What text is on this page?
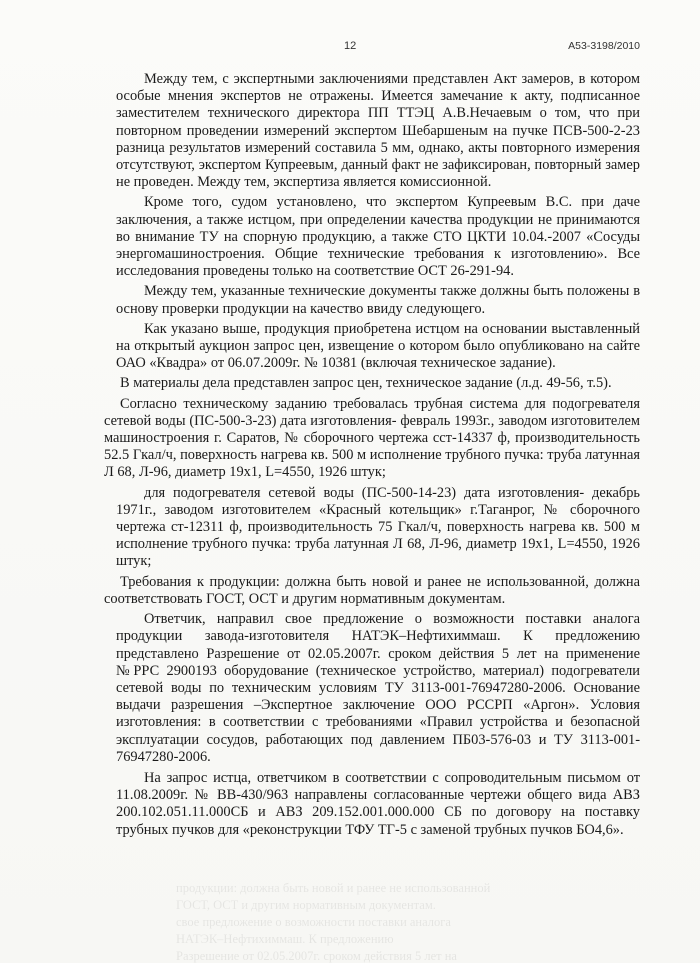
12	А53-3198/2010
продукции: должна быть новой и ранее не использованной
ГОСТ, ОСТ и другим нормативным документам.
свое предложение о возможности поставки аналога
НАТЭК–Нефтихиммаш. К предложению
Разрешение от 02.05.2007г. сроком действия 5 лет на

Между тем, с экспертными заключениями представлен Акт замеров, в котором особые мнения экспертов не отражены. Имеется замечание к акту, подписанное заместителем технического директора ПП ТТЭЦ А.В.Нечаевым о том, что при повторном проведении измерений экспертом Шебаршеным на пучке ПСВ-500-2-23 разница результатов измерений составила 5 мм, однако, акты повторного измерения отсутствуют, экспертом Купреевым, данный факт не зафиксирован, повторный замер не проведен. Между тем, экспертиза является комиссионной.

Кроме того, судом установлено, что экспертом Купреевым В.С. при даче заключения, а также истцом, при определении качества продукции не принимаются во внимание ТУ на спорную продукцию, а также СТО ЦКТИ 10.04.-2007 «Сосуды энергомашиностроения. Общие технические требования к изготовлению». Все исследования проведены только на соответствие ОСТ 26-291-94.

Между тем, указанные технические документы также должны быть положены в основу проверки продукции на качество ввиду следующего.

Как указано выше, продукция приобретена истцом на основании выставленный на открытый аукцион запрос цен, извещение о котором было опубликовано на сайте ОАО «Квадра» от 06.07.2009г. № 10381 (включая техническое задание).

В материалы дела представлен запрос цен, техническое задание (л.д. 49-56, т.5).

Согласно техническому заданию требовалась трубная система для подогревателя сетевой воды (ПС-500-3-23) дата изготовления- февраль 1993г., заводом изготовителем машиностроения г. Саратов, № сборочного чертежа сст-14337 ф, производительность 52.5 Гкал/ч, поверхность нагрева кв. 500 м исполнение трубного пучка: труба латунная Л 68, Л-96, диаметр 19х1, L=4550, 1926 штук;

для подогревателя сетевой воды (ПС-500-14-23) дата изготовления- декабрь 1971г., заводом изготовителем «Красный котельщик» г.Таганрог, № сборочного чертежа ст-12311 ф, производительность 75 Гкал/ч, поверхность нагрева кв. 500 м исполнение трубного пучка: труба латунная Л 68, Л-96, диаметр 19х1, L=4550, 1926 штук;

Требования к продукции: должна быть новой и ранее не использованной, должна соответствовать ГОСТ, ОСТ и другим нормативным документам.

Ответчик, направил свое предложение о возможности поставки аналога продукции завода-изготовителя НАТЭК–Нефтихиммаш. К предложению представлено Разрешение от 02.05.2007г. сроком действия 5 лет на применение №РРС 2900193 оборудование (техническое устройство, материал) подогреватели сетевой воды по техническим условиям ТУ 3113-001-76947280-2006. Основание выдачи разрешения –Экспертное заключение ООО РССРП «Аргон». Условия изготовления: в соответствии с требованиями «Правил устройства и безопасной эксплуатации сосудов, работающих под давлением ПБ03-576-03 и ТУ 3113-001-76947280-2006.

На запрос истца, ответчиком в соответствии с сопроводительным письмом от 11.08.2009г. № ВВ-430/963 направлены согласованные чертежи общего вида АВЗ 200.102.051.11.000СБ и АВЗ 209.152.001.000.000 СБ по договору на поставку трубных пучков для «реконструкции ТФУ ТГ-5 с заменой трубных пучков БО4,6».
